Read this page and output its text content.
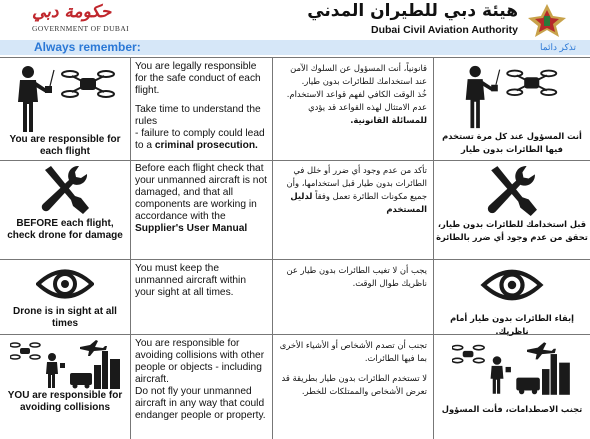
حكومة دبي
GOVERNMENT OF DUBAI
هيئة دبي للطيران المدني
Dubai Civil Aviation Authority
Always remember:	تذكر دائما
You are responsible for each flight

You are legally responsible for the safe conduct of each flight.

Take time to understand the rules

- failure to comply could lead to a criminal prosecution.

قانونياً، أنت المسؤول عن السلوك الآمن عند استخدامك للطائرات بدون طيار.

خُذ الوقت الكافي لفهم قواعد الاستخدام.

عدم الامتثال لهذه القواعد قد يؤدي للمسائلة القانونية.

أنت المسؤول عند كل مرة تستخدم فيها الطائرات بدون طيار
BEFORE each flight, check drone for damage

Before each flight check that your unmanned aircraft is not damaged, and that all components are working in accordance with the Supplier's User Manual

تأكد من عدم وجود أي ضرر أو خلل في الطائرات بدون طيار قبل استخدامها، وأن جميع مكونات الطائرة تعمل وفقاً لدليل المستخدم

قبل استخدامك للطائرات بدون طيار، تحقق من عدم وجود أي ضرر بالطائرة
Drone is in sight at all times

You must keep the unmanned aircraft within your sight at all times.

يجب أن لا تغيب الطائرات بدون طيار عن ناظريك طوال الوقت.

إبقاء الطائرات بدون طيار أمام ناظريك.
YOU are responsible for avoiding collisions

You are responsible for avoiding collisions with other people or objects - including aircraft.

Do not fly your unmanned aircraft in any way that could endanger people or property.

تجنب أن تصدم الأشخاص أو الأشياء الأخرى بما فيها الطائرات.

لا تستخدم الطائرات بدون طيار بطريقة قد تعرض الأشخاص والممتلكات للخطر.

تجنب الاصطدامات، فأنت المسؤول
